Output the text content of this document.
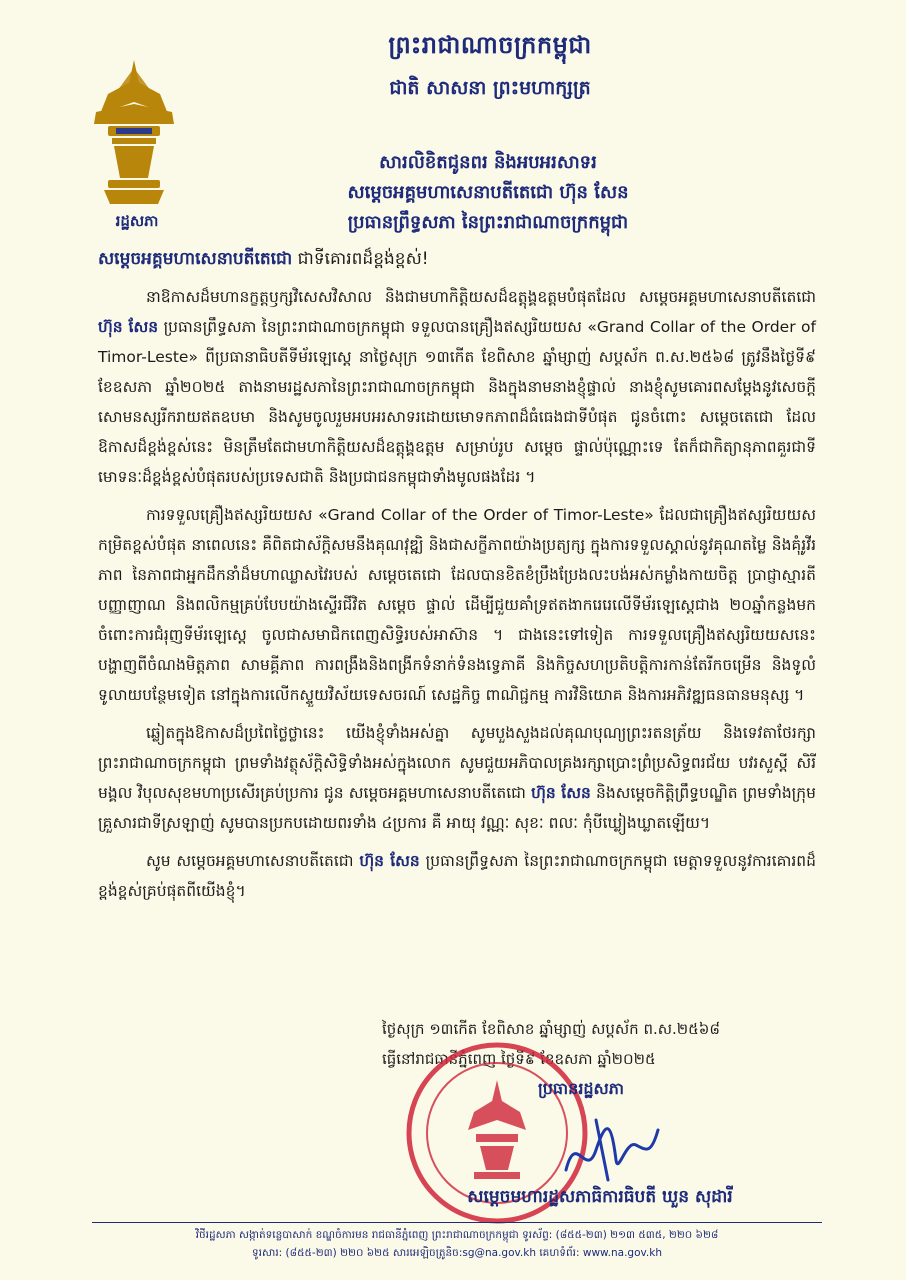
រដ្ឋសភា
ព្រះរាជាណាចក្រកម្ពុជា
ជាតិ សាសនា ព្រះមហាក្សត្រ
សារលិខិតជូនពរ និងអបអរសាទរ
សម្តេចអគ្គមហាសេនាបតីតេជោ ហ៊ុន សែន
ប្រធានព្រឹទ្ធសភា នៃព្រះរាជាណាចក្រកម្ពុជា
សម្តេចអគ្គមហាសេនាបតីតេជោ ជាទីគោរពដ៏ខ្ពង់ខ្ពស់!

នាឱកាសដ៏មហានក្ខត្តឫក្សវិសេសវិសាល និងជាមហាកិត្តិយសដ៏ឧត្តុង្គឧត្តមបំផុតដែល សម្តេចអគ្គមហាសេនាបតីតេជោ ហ៊ុន សែន ប្រធានព្រឹទ្ធសភា នៃព្រះរាជាណាចក្រកម្ពុជា ទទួលបានគ្រឿងឥស្សរិយយស «Grand Collar of the Order of Timor-Leste» ពីប្រធានាធិបតីទីម័រឡេស្តេ នាថ្ងៃសុក្រ ១៣កើត ខែពិសាខ ឆ្នាំម្សាញ់ សប្តស័ក ព.ស.២៥៦៨ ត្រូវនឹងថ្ងៃទី៩ ខែឧសភា ឆ្នាំ២០២៥ តាងនាមរដ្ឋសភានៃព្រះរាជាណាចក្រកម្ពុជា និងក្នុងនាមនាងខ្ញុំផ្ទាល់ នាងខ្ញុំសូមគោរពសម្តែងនូវសេចក្តីសោមនស្សរីករាយឥតឧបមា និងសូមចូលរួមអបអរសាទរដោយមោទកភាពដ៏ធំធេងជាទីបំផុត ជូនចំពោះ សម្តេចតេជោ ដែលឱកាសដ៏ខ្ពង់ខ្ពស់នេះ មិនត្រឹមតែជាមហាកិត្តិយសដ៏ឧត្តុង្គឧត្តម សម្រាប់រូប សម្តេច ផ្ទាល់ប៉ុណ្ណោះទេ តែក៏ជាកិត្យានុភាពគួរជាទីមោទនៈដ៏ខ្ពង់ខ្ពស់បំផុតរបស់ប្រទេសជាតិ និងប្រជាជនកម្ពុជាទាំងមូលផងដែរ ។

ការទទួលគ្រឿងឥស្សរិយយស «Grand Collar of the Order of Timor-Leste» ដែលជាគ្រឿងឥស្សរិយយសកម្រិតខ្ពស់បំផុត នាពេលនេះ គឺពិតជាស័ក្តិសមនឹងគុណវុឌ្ឍិ និងជាសក្ខីភាពយ៉ាងប្រត្យក្ស ក្នុងការទទួលស្គាល់នូវគុណតម្លៃ និងគុំរូវីរភាព នៃភាពជាអ្នកដឹកនាំដ៏មហាឈ្លាសវៃរបស់ សម្តេចតេជោ ដែលបានខិតខំប្រឹងប្រែងលះបង់អស់កម្លាំងកាយចិត្ត ប្រាជ្ញាស្មារតី បញ្ញាញាណ និងពលិកម្មគ្រប់បែបយ៉ាងស្ទើរជីវិត សម្តេច ផ្ទាល់ ដើម្បីជួយគាំទ្រឥតងាករេរេលើទីម័រឡេស្តេជាង ២០ឆ្នាំកន្លងមក ចំពោះការជំរុញទីម័រឡេស្តេ ចូលជាសមាជិកពេញសិទ្ធិរបស់អាស៊ាន ។ ជាងនេះទៅទៀត ការទទួលគ្រឿងឥស្សរិយយសនេះ បង្ហាញពីចំណងមិត្តភាព សាមគ្គីភាព ការពង្រឹងនិងពង្រីកទំនាក់ទំនងទ្វេភាគី និងកិច្ចសហប្រតិបត្តិការកាន់តែរីកចម្រើន និងទូលំទូលាយបន្ថែមទៀត នៅក្នុងការលើកស្ទួយវិស័យទេសចរណ៍ សេដ្ឋកិច្ច ពាណិជ្ជកម្ម ការវិនិយោគ និងការអភិវឌ្ឍធនធានមនុស្ស ។

ឆ្លៀតក្នុងឱកាសដ៏ប្រពៃថ្លៃថ្លានេះ យើងខ្ញុំទាំងអស់គ្នា សូមបួងសួងដល់គុណបុណ្យព្រះរតនត្រ័យ និងទេវតាថែរក្សាព្រះរាជាណាចក្រកម្ពុជា ព្រមទាំងវត្ថុស័ក្តិសិទ្ធិទាំងអស់ក្នុងលោក សូមជួយអភិបាលគ្រងរក្សាប្រោះព្រំប្រសិទ្ធពរជ័យ បវរសួស្តី សិរីមង្គល វិបុលសុខមហាប្រសើរគ្រប់ប្រការ ជូន សម្តេចអគ្គមហាសេនាបតីតេជោ ហ៊ុន សែន និងសម្តេចកិត្តិព្រឹទ្ធបណ្ឌិត ព្រមទាំងក្រុមគ្រួសារជាទីស្រឡាញ់ សូមបានប្រកបដោយពរទាំង ៤ប្រការ គឺ អាយុ វណ្ណៈ សុខៈ ពលៈ កុំបីឃ្លៀងឃ្លាតឡើយ។

សូម សម្តេចអគ្គមហាសេនាបតីតេជោ ហ៊ុន សែន ប្រធានព្រឹទ្ធសភា នៃព្រះរាជាណាចក្រកម្ពុជា មេត្តាទទួលនូវការគោរពដ៏ខ្ពង់ខ្ពស់គ្រប់ផុតពីយើងខ្ញុំ។

ថ្ងៃសុក្រ ១៣កើត ខែពិសាខ ឆ្នាំម្សាញ់ សប្តស័ក ព.ស.២៥៦៨
ធ្វើនៅរាជធានីភ្នំពេញ ថ្ងៃទី៩ ខែឧសភា ឆ្នាំ២០២៥
ប្រធានរដ្ឋសភា
សម្តេចមហារដ្ឋសភាធិការធិបតី ឃួន សុដារី
វិថីរដ្ឋសភា សង្កាត់ទន្លេបាសាក់ ខណ្ឌចំការមន រាជធានីភ្នំពេញ ព្រះរាជាណាចក្រកម្ពុជា ទូរស័ព្ទ: (៨៥៥-២៣) ២១៣ ៥៣៥, ២២០ ៦២៨
ទូរសារ: (៨៥៥-២៣) ២២០ ៦២៥ សារអេឡិចត្រូនិច:sg@na.gov.kh គេហទំព័រ: www.na.gov.kh
